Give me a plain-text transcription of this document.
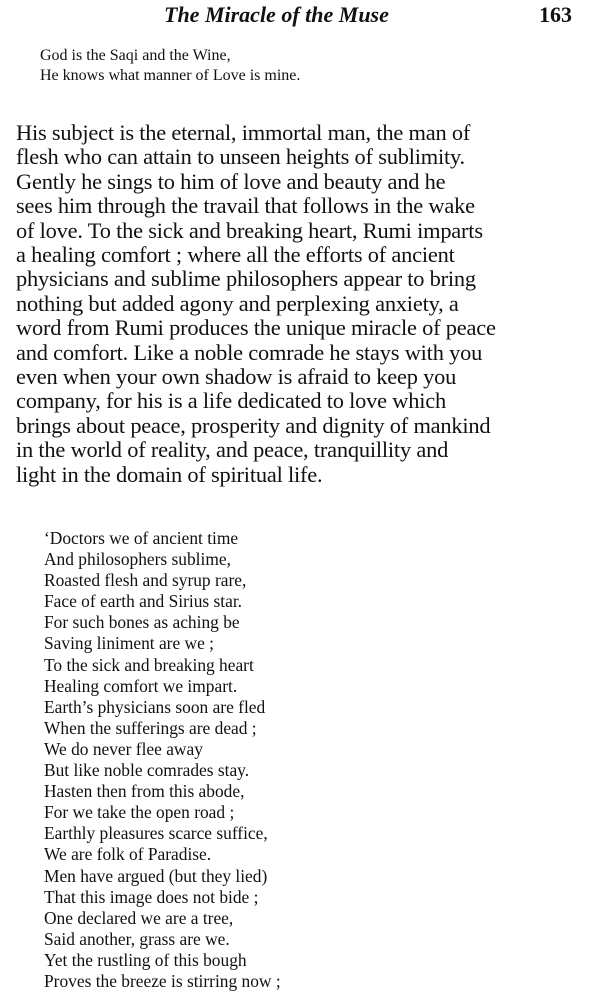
The Miracle of the Muse	163
God is the Saqi and the Wine,
He knows what manner of Love is mine.
His subject is the eternal, immortal man, the man of
flesh who can attain to unseen heights of sublimity.
Gently he sings to him of love and beauty and he
sees him through the travail that follows in the wake
of love. To the sick and breaking heart, Rumi imparts
a healing comfort ; where all the efforts of ancient
physicians and sublime philosophers appear to bring
nothing but added agony and perplexing anxiety, a
word from Rumi produces the unique miracle of peace
and comfort. Like a noble comrade he stays with you
even when your own shadow is afraid to keep you
company, for his is a life dedicated to love which
brings about peace, prosperity and dignity of mankind
in the world of reality, and peace, tranquillity and
light in the domain of spiritual life.
‘Doctors we of ancient time
And philosophers sublime,
Roasted flesh and syrup rare,
Face of earth and Sirius star.
For such bones as aching be
Saving liniment are we ;
To the sick and breaking heart
Healing comfort we impart.
Earth’s physicians soon are fled
When the sufferings are dead ;
We do never flee away
But like noble comrades stay.
Hasten then from this abode,
For we take the open road ;
Earthly pleasures scarce suffice,
We are folk of Paradise.
Men have argued (but they lied)
That this image does not bide ;
One declared we are a tree,
Said another, grass are we.
Yet the rustling of this bough
Proves the breeze is stirring now ;
